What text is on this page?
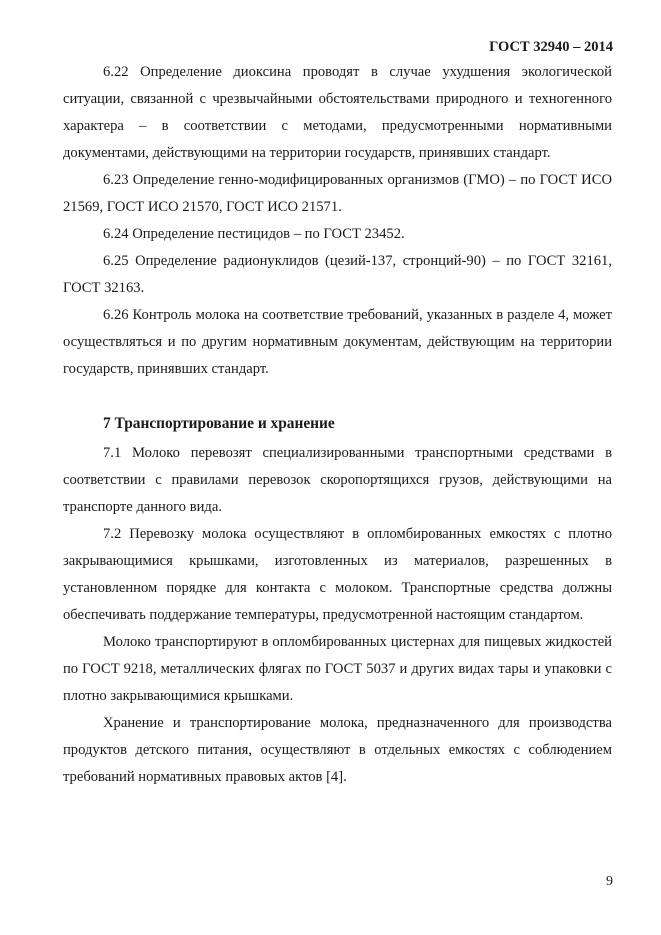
ГОСТ 32940 – 2014

6.22 Определение диоксина проводят в случае ухудшения экологической ситуации, связанной с чрезвычайными обстоятельствами природного и техногенного характера – в соответствии с методами, предусмотренными нормативными документами, действующими на территории государств, принявших стандарт.

6.23 Определение генно-модифицированных организмов (ГМО) – по ГОСТ ИСО 21569, ГОСТ ИСО 21570, ГОСТ ИСО 21571.

6.24 Определение пестицидов – по ГОСТ 23452.

6.25 Определение радионуклидов (цезий-137, стронций-90) – по ГОСТ 32161, ГОСТ 32163.

6.26 Контроль молока на соответствие требований, указанных в разделе 4, может осуществляться и по другим нормативным документам, действующим на территории государств, принявших стандарт.

7 Транспортирование и хранение

7.1 Молоко перевозят специализированными транспортными средствами в соответствии с правилами перевозок скоропортящихся грузов, действующими на транспорте данного вида.

7.2 Перевозку молока осуществляют в опломбированных емкостях с плотно закрывающимися крышками, изготовленных из материалов, разрешенных в установленном порядке для контакта с молоком. Транспортные средства должны обеспечивать поддержание температуры, предусмотренной настоящим стандартом.

Молоко транспортируют в опломбированных цистернах для пищевых жидкостей по ГОСТ 9218, металлических флягах по ГОСТ 5037 и других видах тары и упаковки с плотно закрывающимися крышками.

Хранение и транспортирование молока, предназначенного для производства продуктов детского питания, осуществляют в отдельных емкостях с соблюдением требований нормативных правовых актов [4].

9
